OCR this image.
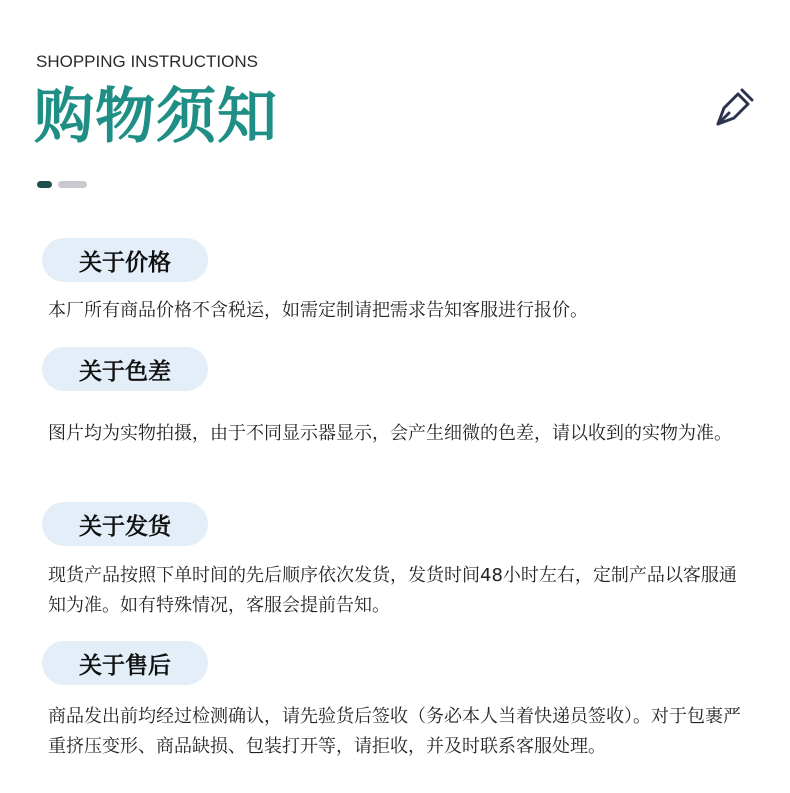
SHOPPING INSTRUCTIONS
购物须知
关于价格
本厂所有商品价格不含税运，如需定制请把需求告知客服进行报价。
关于色差
图片均为实物拍摄，由于不同显示器显示，会产生细微的色差，请以收到的实物为准。
关于发货
现货产品按照下单时间的先后顺序依次发货，发货时间48小时左右，定制产品以客服通知为准。如有特殊情况，客服会提前告知。
关于售后
商品发出前均经过检测确认，请先验货后签收（务必本人当着快递员签收）。对于包裹严重挤压变形、商品缺损、包装打开等，请拒收，并及时联系客服处理。
